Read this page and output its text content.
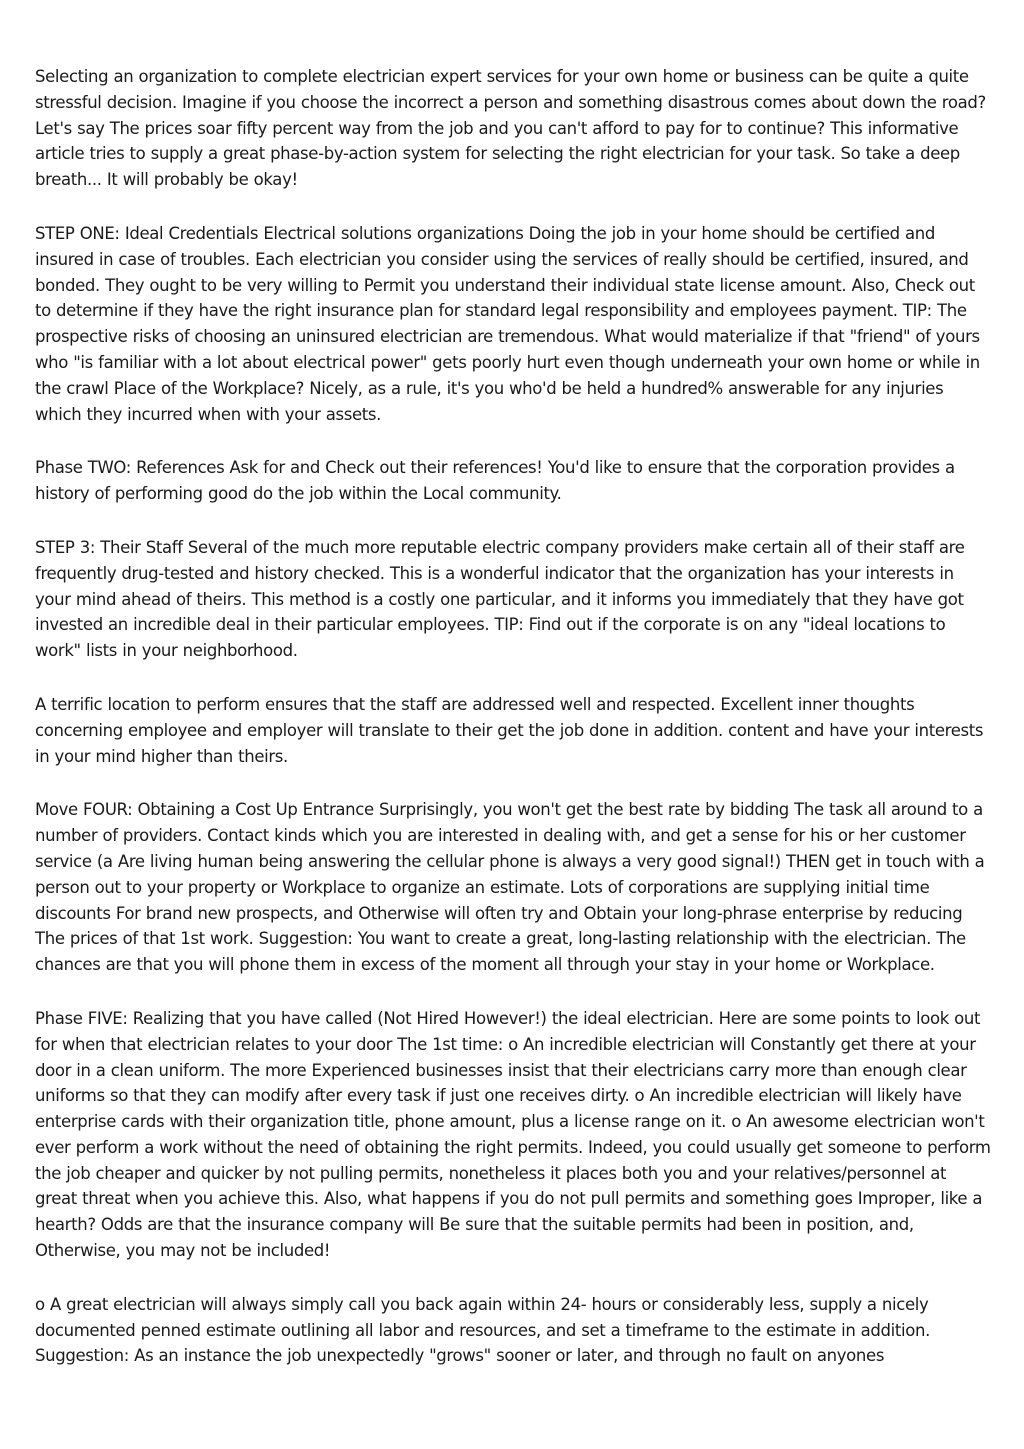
Selecting an organization to complete electrician expert services for your own home or business can be quite a quite stressful decision. Imagine if you choose the incorrect a person and something disastrous comes about down the road? Let's say The prices soar fifty percent way from the job and you can't afford to pay for to continue? This informative article tries to supply a great phase-by-action system for selecting the right electrician for your task. So take a deep breath... It will probably be okay!

STEP ONE: Ideal Credentials Electrical solutions organizations Doing the job in your home should be certified and insured in case of troubles. Each electrician you consider using the services of really should be certified, insured, and bonded. They ought to be very willing to Permit you understand their individual state license amount. Also, Check out to determine if they have the right insurance plan for standard legal responsibility and employees payment. TIP: The prospective risks of choosing an uninsured electrician are tremendous. What would materialize if that "friend" of yours who "is familiar with a lot about electrical power" gets poorly hurt even though underneath your own home or while in the crawl Place of the Workplace? Nicely, as a rule, it's you who'd be held a hundred% answerable for any injuries which they incurred when with your assets.

Phase TWO: References Ask for and Check out their references! You'd like to ensure that the corporation provides a history of performing good do the job within the Local community.

STEP 3: Their Staff Several of the much more reputable electric company providers make certain all of their staff are frequently drug-tested and history checked. This is a wonderful indicator that the organization has your interests in your mind ahead of theirs. This method is a costly one particular, and it informs you immediately that they have got invested an incredible deal in their particular employees. TIP: Find out if the corporate is on any "ideal locations to work" lists in your neighborhood.

A terrific location to perform ensures that the staff are addressed well and respected. Excellent inner thoughts concerning employee and employer will translate to their get the job done in addition. content and have your interests in your mind higher than theirs.

Move FOUR: Obtaining a Cost Up Entrance Surprisingly, you won't get the best rate by bidding The task all around to a number of providers. Contact kinds which you are interested in dealing with, and get a sense for his or her customer service (a Are living human being answering the cellular phone is always a very good signal!) THEN get in touch with a person out to your property or Workplace to organize an estimate. Lots of corporations are supplying initial time discounts For brand new prospects, and Otherwise will often try and Obtain your long-phrase enterprise by reducing The prices of that 1st work. Suggestion: You want to create a great, long-lasting relationship with the electrician. The chances are that you will phone them in excess of the moment all through your stay in your home or Workplace.

Phase FIVE: Realizing that you have called (Not Hired However!) the ideal electrician. Here are some points to look out for when that electrician relates to your door The 1st time: o An incredible electrician will Constantly get there at your door in a clean uniform. The more Experienced businesses insist that their electricians carry more than enough clear uniforms so that they can modify after every task if just one receives dirty. o An incredible electrician will likely have enterprise cards with their organization title, phone amount, plus a license range on it. o An awesome electrician won't ever perform a work without the need of obtaining the right permits. Indeed, you could usually get someone to perform the job cheaper and quicker by not pulling permits, nonetheless it places both you and your relatives/personnel at great threat when you achieve this. Also, what happens if you do not pull permits and something goes Improper, like a hearth? Odds are that the insurance company will Be sure that the suitable permits had been in position, and, Otherwise, you may not be included!

o A great electrician will always simply call you back again within 24- hours or considerably less, supply a nicely documented penned estimate outlining all labor and resources, and set a timeframe to the estimate in addition. Suggestion: As an instance the job unexpectedly "grows" sooner or later, and through no fault on anyones
